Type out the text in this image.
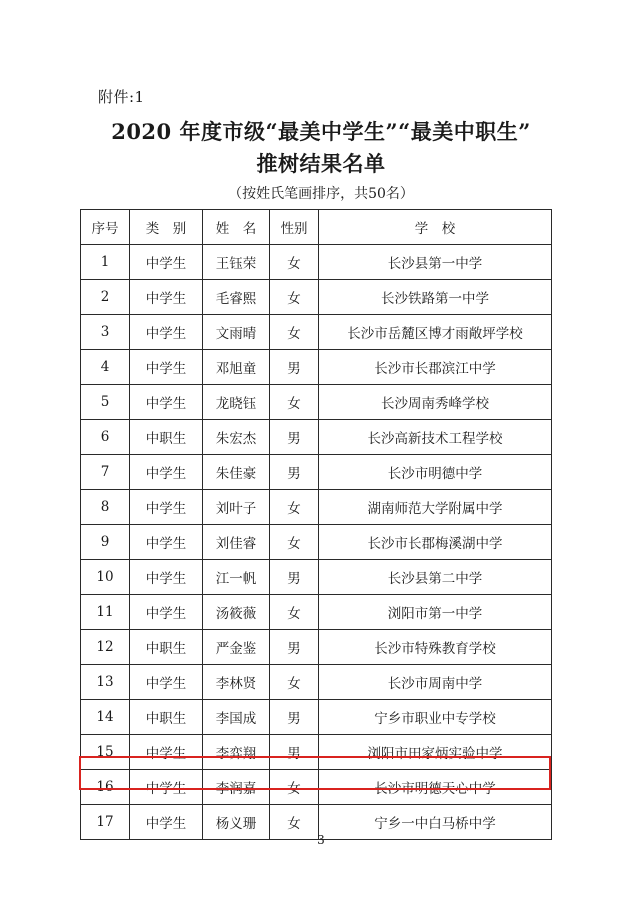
附件:1
2020 年度市级“最美中学生”“最美中职生”
推树结果名单
（按姓氏笔画排序，共50名）
序号	类　别	姓　名	性别	学　校
1	中学生	王钰荣	女	长沙县第一中学
2	中学生	毛睿熙	女	长沙铁路第一中学
3	中学生	文雨晴	女	长沙市岳麓区博才雨敞坪学校
4	中学生	邓旭童	男	长沙市长郡滨江中学
5	中学生	龙晓钰	女	长沙周南秀峰学校
6	中职生	朱宏杰	男	长沙高新技术工程学校
7	中学生	朱佳豪	男	长沙市明德中学
8	中学生	刘叶子	女	湖南师范大学附属中学
9	中学生	刘佳睿	女	长沙市长郡梅溪湖中学
10	中学生	江一帆	男	长沙县第二中学
11	中学生	汤筱薇	女	浏阳市第一中学
12	中职生	严金鉴	男	长沙市特殊教育学校
13	中学生	李林贤	女	长沙市周南中学
14	中职生	李国成	男	宁乡市职业中专学校
15	中学生	李弈翔	男	浏阳市田家炳实验中学
16	中学生	李润嘉	女	长沙市明德天心中学
17	中学生	杨义珊	女	宁乡一中白马桥中学
3
